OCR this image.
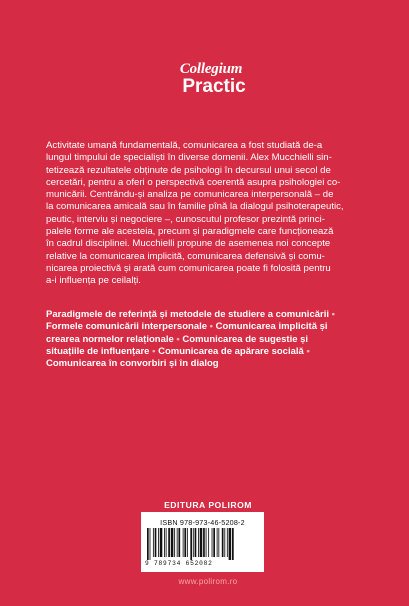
Collegium
Practic
Activitate umană fundamentală, comunicarea a fost studiată de-a
lungul timpului de specialiști în diverse domenii. Alex Mucchielli sin-
tetizează rezultatele obținute de psihologi în decursul unui secol de
cercetări, pentru a oferi o perspectivă coerentă asupra psihologiei co-
municării. Centrându-și analiza pe comunicarea interpersonală – de
la comunicarea amicală sau în familie pînă la dialogul psihoterapeutic,
peutic, interviu și negociere –, cunoscutul profesor prezintă princi-
palele forme ale acesteia, precum și paradigmele care funcționează
în cadrul disciplinei. Mucchielli propune de asemenea noi concepte
relative la comunicarea implicită, comunicarea defensivă și comu-
nicarea proiectivă și arată cum comunicarea poate fi folosită pentru
a-i influența pe ceilalți.
Paradigmele de referință și metodele de studiere a comunicării •
Formele comunicării interpersonale • Comunicarea implicită și
crearea normelor relaționale • Comunicarea de sugestie și
situațiile de influențare • Comunicarea de apărare socială •
Comunicarea în convorbiri și în dialog
EDITURA POLIROM
ISBN 978-973-46-5208-2
9 789734 652082
www.polirom.ro
